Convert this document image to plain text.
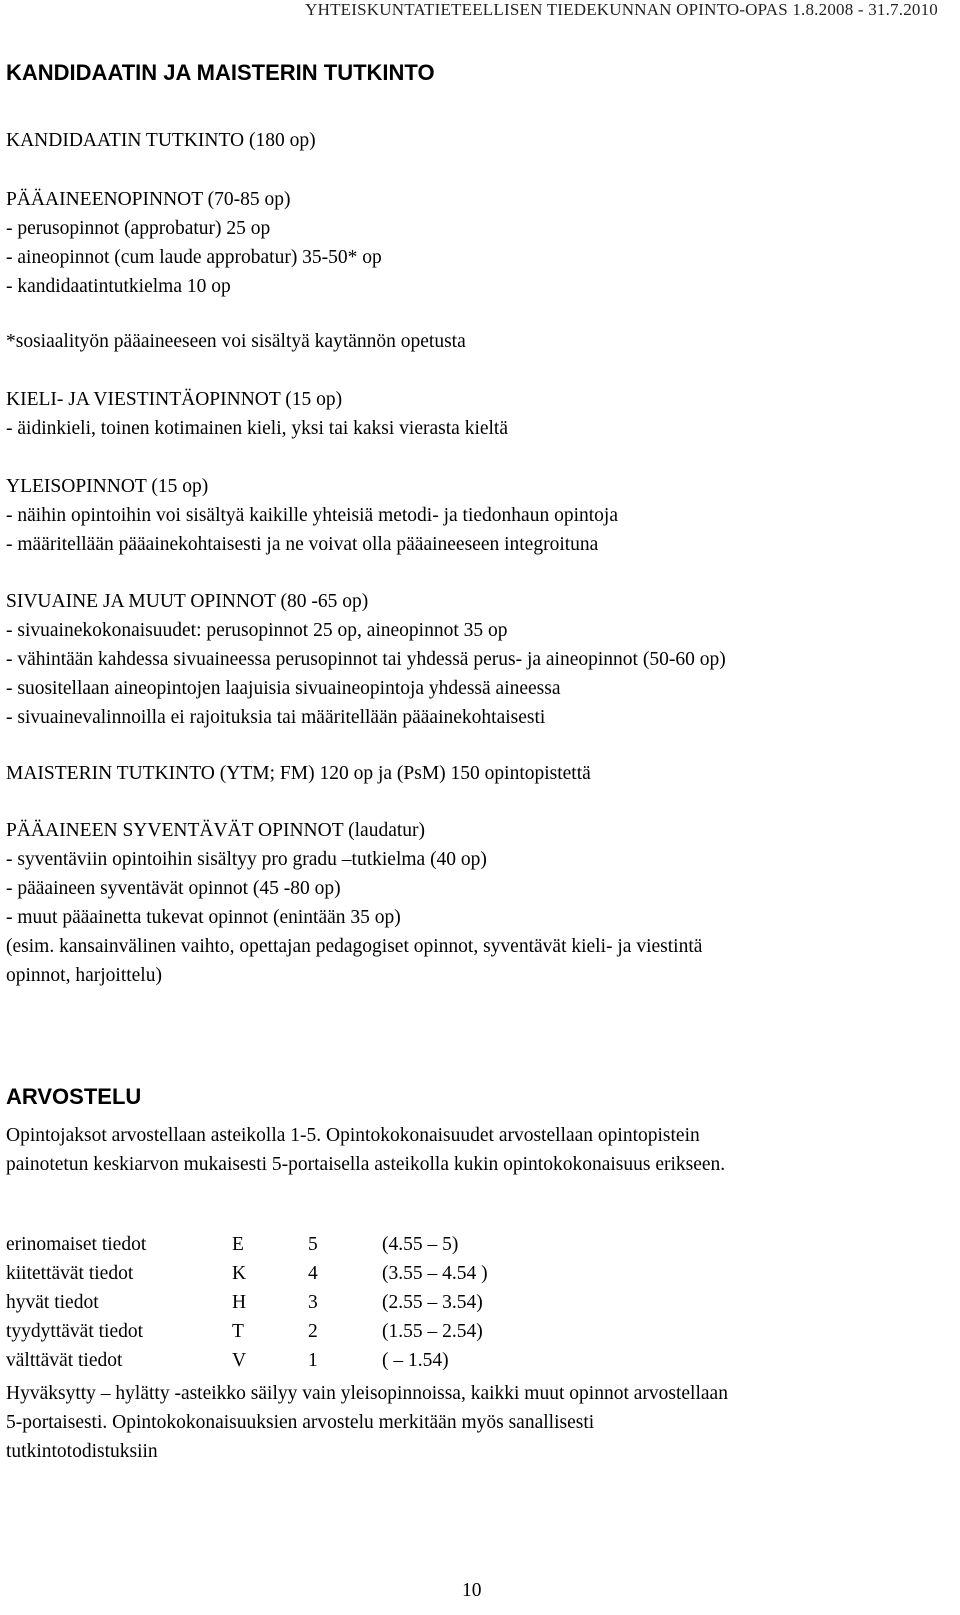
YHTEISKUNTATIETEELLISEN TIEDEKUNNAN OPINTO-OPAS 1.8.2008 - 31.7.2010
KANDIDAATIN JA MAISTERIN TUTKINTO
KANDIDAATIN TUTKINTO (180 op)
PÄÄAINEENOPINNOT (70-85 op)
- perusopinnot (approbatur) 25 op
- aineopinnot (cum laude approbatur) 35-50* op
- kandidaatintutkielma 10 op
*sosiaalityön pääaineeseen voi sisältyä kaytännön opetusta
KIELI- JA VIESTINTÄOPINNOT (15 op)
- äidinkieli, toinen kotimainen kieli, yksi tai kaksi vierasta kieltä
YLEISOPINNOT (15 op)
- näihin opintoihin voi sisältyä kaikille yhteisiä metodi- ja tiedonhaun opintoja
- määritellään pääainekohtaisesti ja ne voivat olla pääaineeseen integroituna
SIVUAINE JA MUUT OPINNOT (80 -65 op)
- sivuainekokonaisuudet: perusopinnot 25 op, aineopinnot 35 op
- vähintään kahdessa sivuaineessa perusopinnot tai yhdessä perus- ja aineopinnot (50-60 op)
- suositellaan aineopintojen laajuisia sivuaineopintoja yhdessä aineessa
- sivuainevalinnoilla ei rajoituksia tai määritellään pääainekohtaisesti
MAISTERIN TUTKINTO (YTM; FM) 120 op ja (PsM) 150 opintopistettä
PÄÄAINEEN SYVENTÄVÄT OPINNOT (laudatur)
- syventäviin opintoihin sisältyy pro gradu –tutkielma (40 op)
- pääaineen syventävät opinnot (45 -80 op)
- muut pääainetta tukevat opinnot (enintään 35 op)
(esim. kansainvälinen vaihto, opettajan pedagogiset opinnot, syventävät kieli- ja viestintä
opinnot, harjoittelu)
ARVOSTELU
Opintojaksot arvostellaan asteikolla 1-5. Opintokokonaisuudet arvostellaan opintopistein
painotetun keskiarvon mukaisesti 5-portaisella asteikolla kukin opintokokonaisuus erikseen.
erinomaiset tiedot	E	5	(4.55 – 5)
kiitettävät tiedot	K	4	(3.55 – 4.54 )
hyvät tiedot	H	3	(2.55 – 3.54)
tyydyttävät tiedot	T	2	(1.55 – 2.54)
välttävät tiedot	V	1	( – 1.54)
Hyväksytty – hylätty -asteikko säilyy vain yleisopinnoissa, kaikki muut opinnot arvostellaan
5-portaisesti. Opintokokonaisuuksien arvostelu merkitään myös sanallisesti
tutkintotodistuksiin
10
